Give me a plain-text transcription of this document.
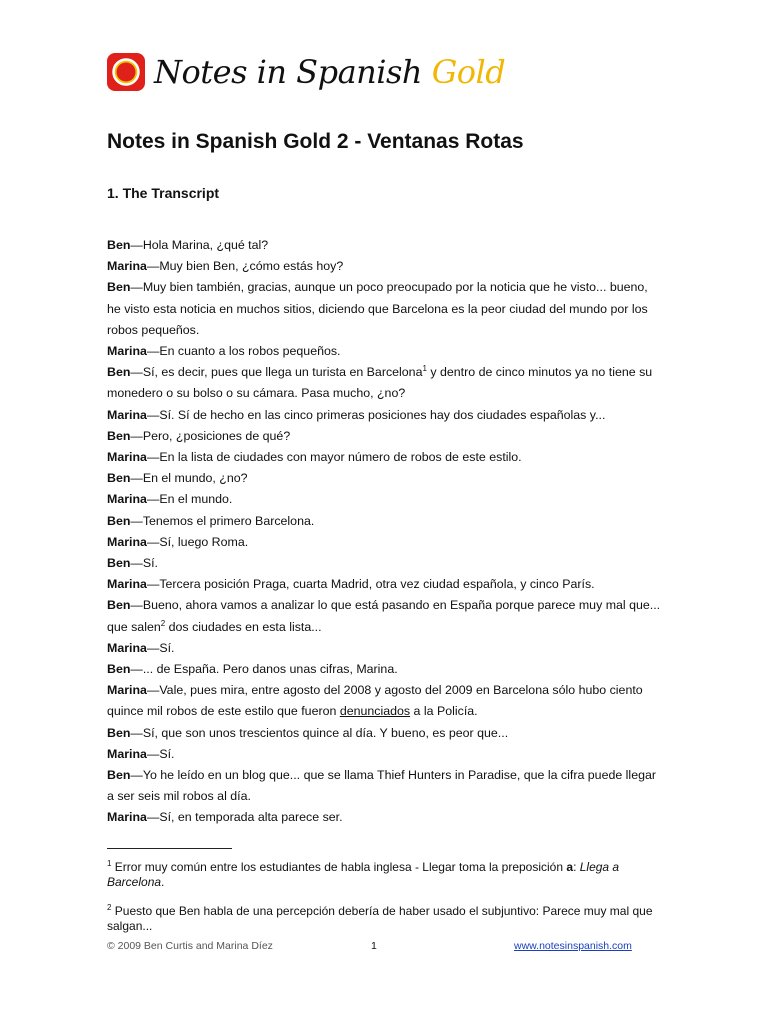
Notes in Spanish Gold
Notes in Spanish Gold 2 - Ventanas Rotas
1. The Transcript

Ben—Hola Marina, ¿qué tal?

Marina—Muy bien Ben, ¿cómo estás hoy?

Ben—Muy bien también, gracias, aunque un poco preocupado por la noticia que he visto... bueno, he visto esta noticia en muchos sitios, diciendo que Barcelona es la peor ciudad del mundo por los robos pequeños.

Marina—En cuanto a los robos pequeños.

Ben—Sí, es decir, pues que llega un turista en Barcelona$^1$ y dentro de cinco minutos ya no tiene su monedero o su bolso o su cámara. Pasa mucho, ¿no?

Marina—Sí. Sí de hecho en las cinco primeras posiciones hay dos ciudades españolas y...

Ben—Pero, ¿posiciones de qué?

Marina—En la lista de ciudades con mayor número de robos de este estilo.

Ben—En el mundo, ¿no?

Marina—En el mundo.

Ben—Tenemos el primero Barcelona.

Marina—Sí, luego Roma.

Ben—Sí.

Marina—Tercera posición Praga, cuarta Madrid, otra vez ciudad española, y cinco París.

Ben—Bueno, ahora vamos a analizar lo que está pasando en España porque parece muy mal que... que salen$^2$ dos ciudades en esta lista...

Marina—Sí.

Ben—... de España. Pero danos unas cifras, Marina.

Marina—Vale, pues mira, entre agosto del 2008 y agosto del 2009 en Barcelona sólo hubo ciento quince mil robos de este estilo que fueron denunciados a la Policía.

Ben—Sí, que son unos trescientos quince al día. Y bueno, es peor que...

Marina—Sí.

Ben—Yo he leído en un blog que... que se llama Thief Hunters in Paradise, que la cifra puede llegar a ser seis mil robos al día.

Marina—Sí, en temporada alta parece ser.

$^1$ Error muy común entre los estudiantes de habla inglesa - Llegar toma la preposición a: Llega a Barcelona.

$^2$ Puesto que Ben habla de una percepción debería de haber usado el subjuntivo: Parece muy mal que salgan...

© 2009 Ben Curtis and Marina Díez	1	www.notesinspanish.com
